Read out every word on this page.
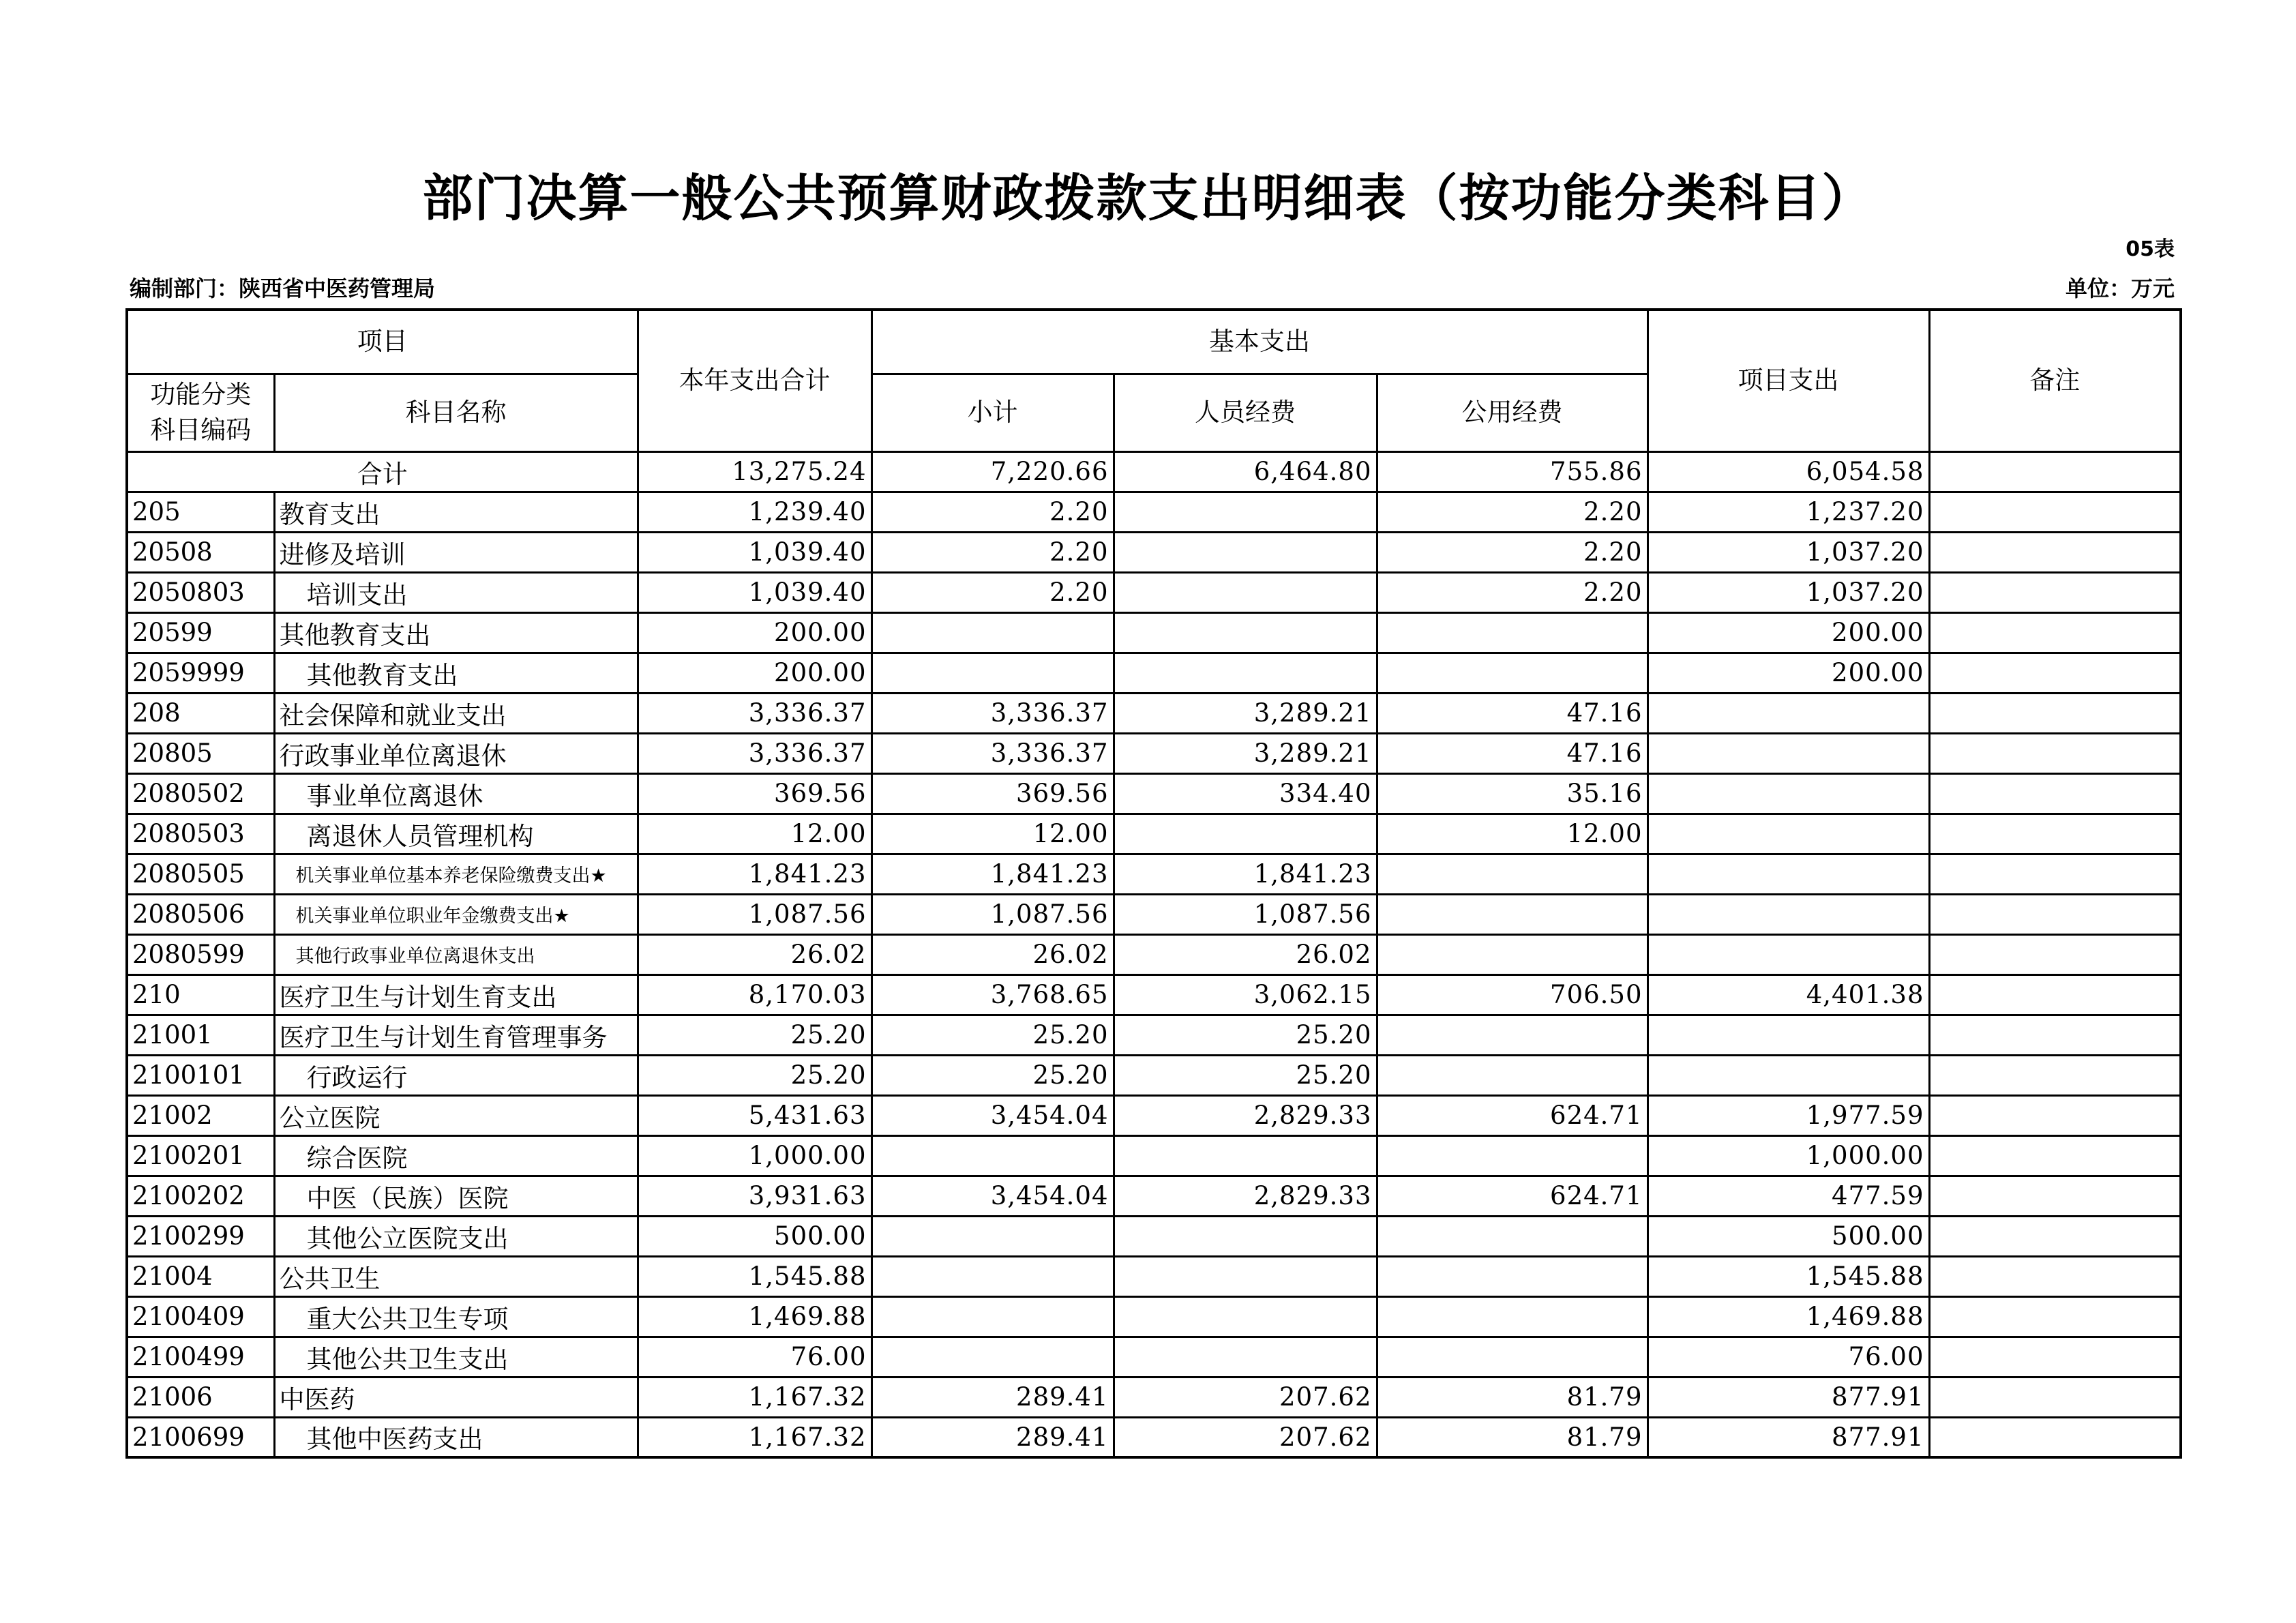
部门决算一般公共预算财政拨款支出明细表（按功能分类科目）
05表
编制部门：陕西省中医药管理局	单位：万元
项目		本年支出合计	基本支出			项目支出	备注
功能分类科目编码	科目名称		小计	人员经费	公用经费		
合计		13,275.24	7,220.66	6,464.80	755.86	6,054.58	
205	教育支出	1,239.40	2.20		2.20	1,237.20	
20508	进修及培训	1,039.40	2.20		2.20	1,037.20	
2050803	培训支出	1,039.40	2.20		2.20	1,037.20	
20599	其他教育支出	200.00				200.00	
2059999	其他教育支出	200.00				200.00	
208	社会保障和就业支出	3,336.37	3,336.37	3,289.21	47.16		
20805	行政事业单位离退休	3,336.37	3,336.37	3,289.21	47.16		
2080502	事业单位离退休	369.56	369.56	334.40	35.16		
2080503	离退休人员管理机构	12.00	12.00		12.00		
2080505	机关事业单位基本养老保险缴费支出★	1,841.23	1,841.23	1,841.23			
2080506	机关事业单位职业年金缴费支出★	1,087.56	1,087.56	1,087.56			
2080599	其他行政事业单位离退休支出	26.02	26.02	26.02			
210	医疗卫生与计划生育支出	8,170.03	3,768.65	3,062.15	706.50	4,401.38	
21001	医疗卫生与计划生育管理事务	25.20	25.20	25.20			
2100101	行政运行	25.20	25.20	25.20			
21002	公立医院	5,431.63	3,454.04	2,829.33	624.71	1,977.59	
2100201	综合医院	1,000.00				1,000.00	
2100202	中医（民族）医院	3,931.63	3,454.04	2,829.33	624.71	477.59	
2100299	其他公立医院支出	500.00				500.00	
21004	公共卫生	1,545.88				1,545.88	
2100409	重大公共卫生专项	1,469.88				1,469.88	
2100499	其他公共卫生支出	76.00				76.00	
21006	中医药	1,167.32	289.41	207.62	81.79	877.91	
2100699	其他中医药支出	1,167.32	289.41	207.62	81.79	877.91	
